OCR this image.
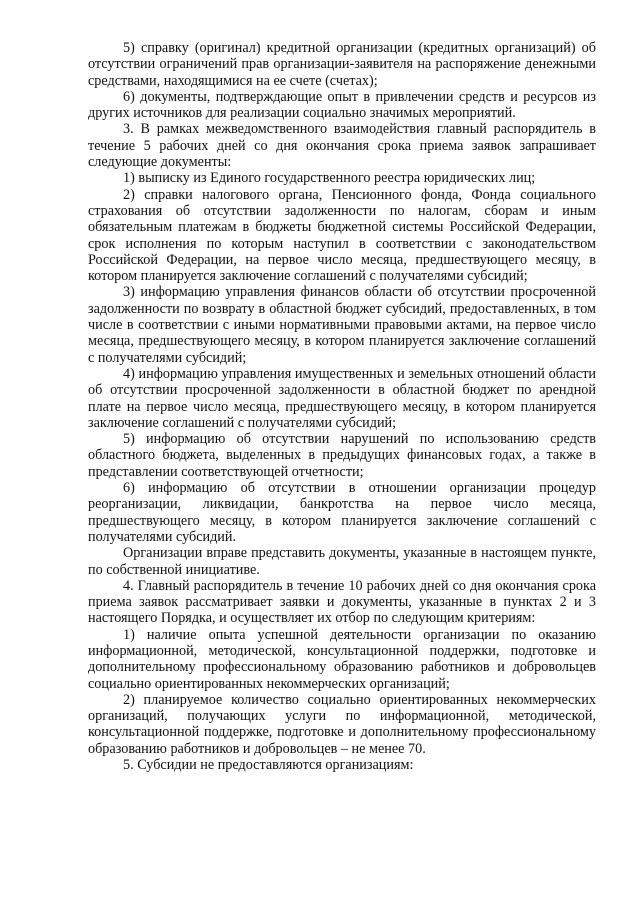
5) справку (оригинал) кредитной организации (кредитных организаций) об отсутствии ограничений прав организации-заявителя на распоряжение денежными средствами, находящимися на ее счете (счетах);

6) документы, подтверждающие опыт в привлечении средств и ресурсов из других источников для реализации социально значимых мероприятий.

3. В рамках межведомственного взаимодействия главный распорядитель в течение 5 рабочих дней со дня окончания срока приема заявок запрашивает следующие документы:

1) выписку из Единого государственного реестра юридических лиц;

2) справки налогового органа, Пенсионного фонда, Фонда социального страхования об отсутствии задолженности по налогам, сборам и иным обязательным платежам в бюджеты бюджетной системы Российской Федерации, срок исполнения по которым наступил в соответствии с законодательством Российской Федерации, на первое число месяца, предшествующего месяцу, в котором планируется заключение соглашений с получателями субсидий;

3) информацию управления финансов области об отсутствии просроченной задолженности по возврату в областной бюджет субсидий, предоставленных, в том числе в соответствии с иными нормативными правовыми актами, на первое число месяца, предшествующего месяцу, в котором планируется заключение соглашений с получателями субсидий;

4) информацию управления имущественных и земельных отношений области об отсутствии просроченной задолженности в областной бюджет по арендной плате на первое число месяца, предшествующего месяцу, в котором планируется заключение соглашений с получателями субсидий;

5) информацию об отсутствии нарушений по использованию средств областного бюджета, выделенных в предыдущих финансовых годах, а также в представлении соответствующей отчетности;

6) информацию об отсутствии в отношении организации процедур реорганизации, ликвидации, банкротства на первое число месяца, предшествующего месяцу, в котором планируется заключение соглашений с получателями субсидий.

Организации вправе представить документы, указанные в настоящем пункте, по собственной инициативе.

4. Главный распорядитель в течение 10 рабочих дней со дня окончания срока приема заявок рассматривает заявки и документы, указанные в пунктах 2 и 3 настоящего Порядка, и осуществляет их отбор по следующим критериям:

1) наличие опыта успешной деятельности организации по оказанию информационной, методической, консультационной поддержки, подготовке и дополнительному профессиональному образованию работников и добровольцев социально ориентированных некоммерческих организаций;

2) планируемое количество социально ориентированных некоммерческих организаций, получающих услуги по информационной, методической, консультационной поддержке, подготовке и дополнительному профессиональному образованию работников и добровольцев – не менее 70.

5. Субсидии не предоставляются организациям:
